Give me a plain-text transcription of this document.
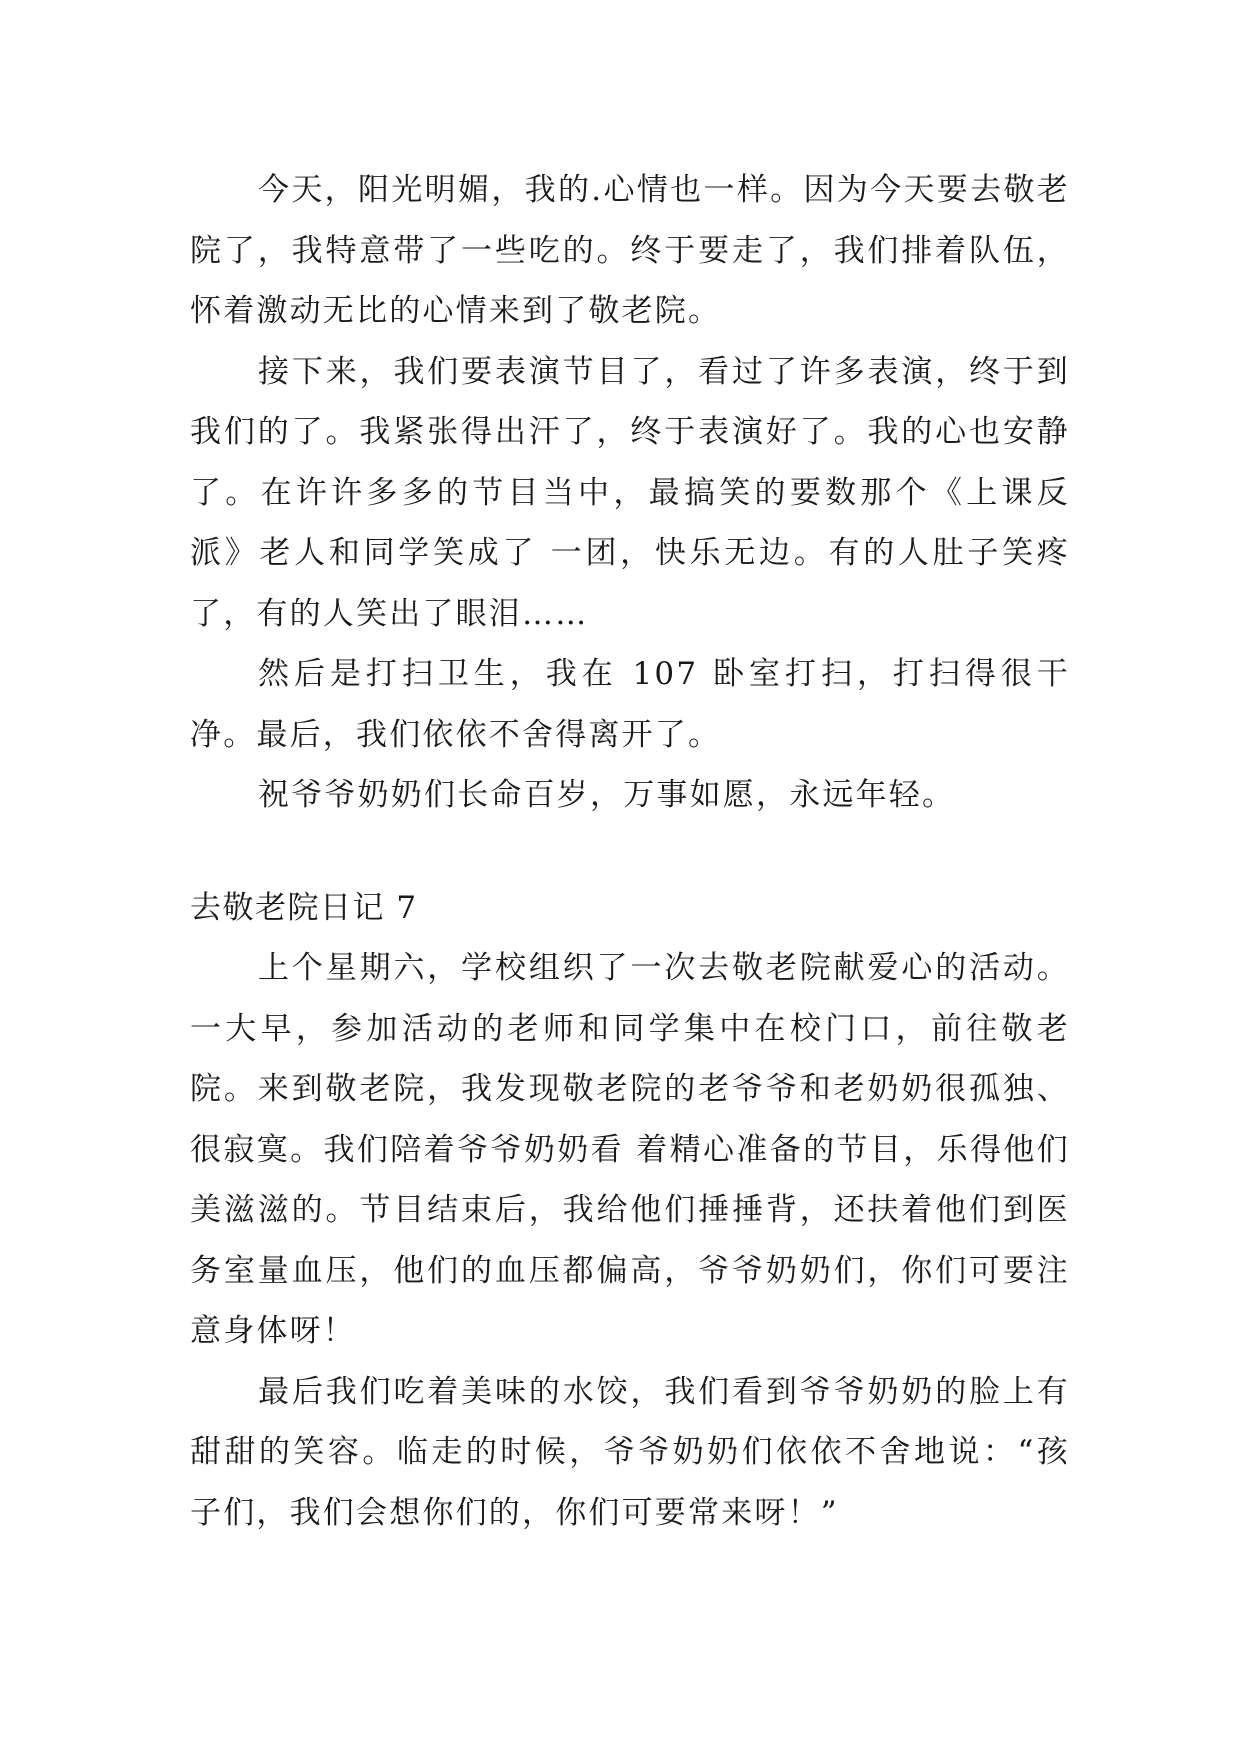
今天，阳光明媚，我的.心情也一样。因为今天要去敬老院了，我特意带了一些吃的。终于要走了，我们排着队伍，怀着激动无比的心情来到了敬老院。

接下来，我们要表演节目了，看过了许多表演，终于到我们的了。我紧张得出汗了，终于表演好了。我的心也安静了。在许许多多的节目当中，最搞笑的要数那个《上课反派》老人和同学笑成了 一团，快乐无边。有的人肚子笑疼了，有的人笑出了眼泪……

然后是打扫卫生，我在 107 卧室打扫，打扫得很干净。最后，我们依依不舍得离开了。

祝爷爷奶奶们长命百岁，万事如愿，永远年轻。

去敬老院日记 7

上个星期六，学校组织了一次去敬老院献爱心的活动。一大早，参加活动的老师和同学集中在校门口，前往敬老院。来到敬老院，我发现敬老院的老爷爷和老奶奶很孤独、很寂寞。我们陪着爷爷奶奶看 着精心准备的节目，乐得他们美滋滋的。节目结束后，我给他们捶捶背，还扶着他们到医务室量血压，他们的血压都偏高，爷爷奶奶们，你们可要注意身体呀！

最后我们吃着美味的水饺，我们看到爷爷奶奶的脸上有甜甜的笑容。临走的时候，爷爷奶奶们依依不舍地说：“孩子们，我们会想你们的，你们可要常来呀！”
